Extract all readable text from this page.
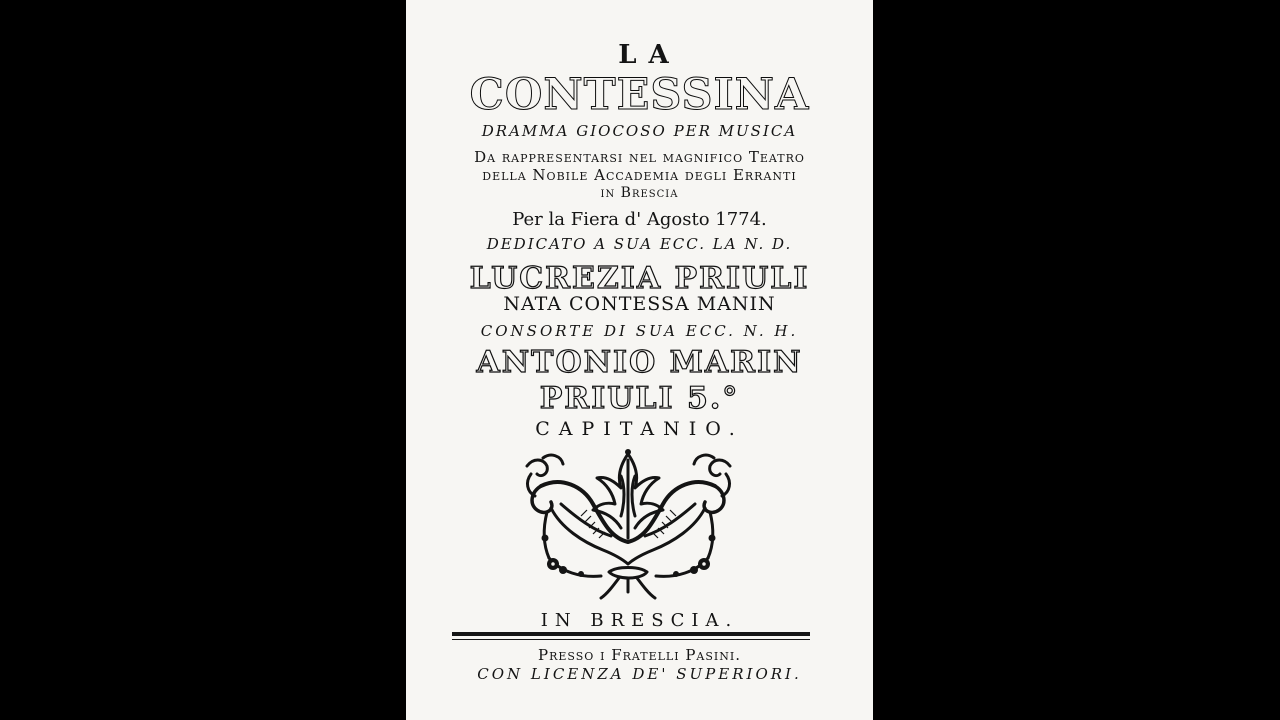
LA
CONTESSINA
DRAMMA GIOCOSO PER MUSICA
Da rappresentarsi nel magnifico Teatro
della Nobile Accademia degli Erranti
in Brescia
Per la Fiera d' Agosto 1774.
DEDICATO A SUA ECC. LA N. D.
LUCREZIA PRIULI
NATA CONTESSA MANIN
CONSORTE DI SUA ECC. N. H.
ANTONIO MARIN
PRIULI 5.°
CAPITANIO.
IN BRESCIA.
Presso i Fratelli Pasini.
CON LICENZA DE' SUPERIORI.
